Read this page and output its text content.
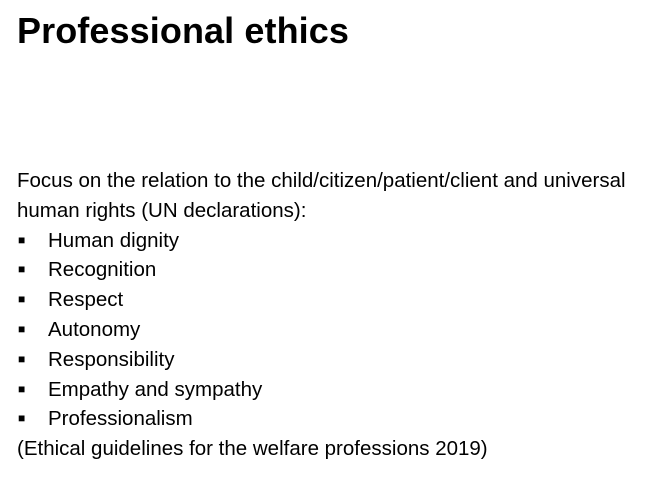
Professional ethics

Focus on the relation to the child/citizen/patient/client and universal human rights (UN declarations):

■ Human dignity
■ Recognition
■ Respect
■ Autonomy
■ Responsibility
■ Empathy and sympathy
■ Professionalism

(Ethical guidelines for the welfare professions 2019)
